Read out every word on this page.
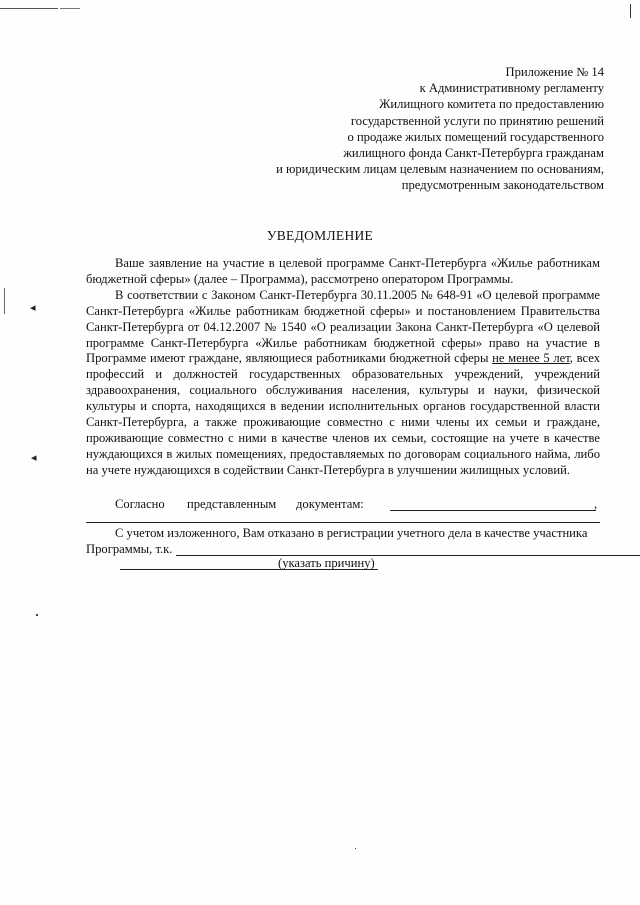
◂
◂
Приложение № 14
к Административному регламенту
Жилищного комитета по предоставлению
государственной услуги по принятию решений
о продаже жилых помещений государственного
жилищного фонда Санкт-Петербурга гражданам
и юридическим лицам целевым назначением по основаниям,
предусмотренным законодательством
УВЕДОМЛЕНИЕ

Ваше заявление на участие в целевой программе Санкт-Петербурга «Жилье работникам бюджетной сферы» (далее – Программа), рассмотрено оператором Программы.

В соответствии с Законом Санкт-Петербурга 30.11.2005 № 648-91 «О целевой программе Санкт-Петербурга «Жилье работникам бюджетной сферы» и постановлением Правительства Санкт-Петербурга от 04.12.2007 № 1540 «О реализации Закона Санкт-Петербурга «О целевой программе Санкт-Петербурга «Жилье работникам бюджетной сферы» право на участие в Программе имеют граждане, являющиеся работниками бюджетной сферы не менее 5 лет, всех профессий и должностей государственных образовательных учреждений, учреждений здравоохранения, социального обслуживания населения, культуры и науки, физической культуры и спорта, находящихся в ведении исполнительных органов государственной власти Санкт-Петербурга, а также проживающие совместно с ними члены их семьи и граждане, проживающие совместно с ними в качестве членов их семьи, состоящие на учете в качестве нуждающихся в жилых помещениях, предоставляемых по договорам социального найма, либо на учете нуждающихся в содействии Санкт-Петербурга в улучшении жилищных условий.

Согласно представленным документам:	,

С учетом изложенного, Вам отказано в регистрации учетного дела в качестве участника

Программы, т.к.
(указать причину)
